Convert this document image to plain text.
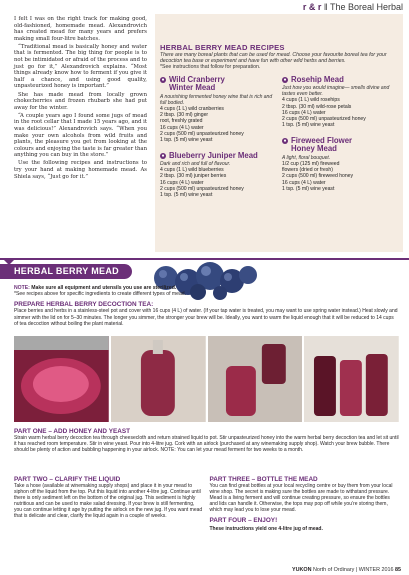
r & r ‖ The Boreal Herbal

I felt I was on the right track for making good, old-fashioned, homemade mead. Alexandrovich has created mead for many years and prefers making small four-litre batches.

“Traditional mead is basically honey and water that is fermented. The big thing for people is to not be intimidated or afraid of the process and to just go for it,” Alexandrovich explains. “Most things already know how to ferment if you give it half a chance, and using good quality, unpasteurized honey is important.”

She has made mead from locally grown chokecherries and frozen rhubarb she had put away for the winter.

“A couple years ago I found some jugs of mead in the root cellar that I made 15 years ago, and it was delicious!” Alexandrovich says. “When you make your own alcohols from wild fruits and plants, the pleasure you get from looking at the colours and enjoying the taste is far greater than anything you can buy in the store.”

Use the following recipes and instructions to try your hand at making homemade mead. As Shiela says, “Just go for it.”

HERBAL BERRY MEAD RECIPES
There are many boreal plants that can be used for mead. Choose your favourite boreal tea for your decoction tea base or experiment and have fun with other wild herbs and berries.
*See instructions that follow for preparation.
● Wild Cranberry
Winter Mead
A nourishing fermented honey wine that is rich and full bodied.
4 cups (1 L) wild cranberries
2 tbsp. (30 ml) ginger
root, freshly grated
16 cups (4 L) water
2 cups (500 ml) unpasteurized honey
1 tsp. (5 ml) wine yeast
● Blueberry Juniper Mead
Dark and rich and full of flavour.
4 cups (1 L) wild blueberries
2 tbsp. (30 ml) juniper berries
16 cups (4 L) water
2 cups (500 ml) unpasteurized honey
1 tsp. (5 ml) wine yeast
● Rosehip Mead
Just how you would imagine— smells divine and tastes even better.
4 cups (1 L) wild rosehips
2 tbsp. (30 ml) wild-rose petals
16 cups (4 L) water
2 cups (500 ml) unpasteurized honey
1 tsp. (5 ml) wine yeast
● Fireweed Flower
Honey Mead
A light, floral bouquet.
1/2 cup (125 ml) fireweed
flowers (dried or fresh)
2 cups (500 ml) fireweed honey
16 cups (4 L) water
1 tsp. (5 ml) wine yeast
HERBAL BERRY MEAD
NOTE: Make sure all equipment and utensils you use are sterilized.
*See recipes above for specific ingredients to create different types of mead.
PREPARE HERBAL BERRY DECOCTION TEA:
Place berries and herbs in a stainless-steel pot and cover with 16 cups (4 L) of water. (If your tap water is treated, you may want to use spring water instead.) Heat slowly and simmer with the lid on for 5–30 minutes. The longer you simmer, the stronger your brew will be. Ideally, you want to warm the liquid enough that it will be reduced to 14 cups of tea decoction without boiling the plant material.
PART ONE – ADD HONEY AND YEAST
Strain warm herbal berry decoction tea through cheesecloth and return strained liquid to pot. Stir unpasteurized honey into the warm herbal berry decoction tea and let sit until it has reached room temperature. Stir in wine yeast. Pour into 4-litre jug. Cork with an airlock (purchased at any winemaking supply shop). Watch your brew bubble. There should be plenty of action and bubbling happening in your airlock. NOTE: You can let your mead ferment for two weeks to a month.
PART TWO – CLARIFY THE LIQUID
Take a hose (available at winemaking supply shops) and place it in your mead to siphon off the liquid from the top. Put this liquid into another 4-litre jug. Continue until there is only sediment left on the bottom of the original jug. This sediment is highly nutritious and can be used to make salad dressing. If your brew is still fermenting, you can continue letting it age by putting the airlock on the new jug. If you want mead that is delicate and clear, clarify the liquid again in a couple of weeks.
PART THREE – BOTTLE THE MEAD
You can find great bottles at your local recycling centre or buy them from your local wine shop. The secret is making sure the bottles are made to withstand pressure. Mead is a living ferment and will continue creating pressure, so ensure the bottles and lids can handle it. Otherwise, the tops may pop off while you’re storing them, which may lead you to lose your mead.
PART FOUR – ENJOY!
These instructions yield one 4-litre jug of mead.
YUKON North of Ordinary | WINTER 2016 85
